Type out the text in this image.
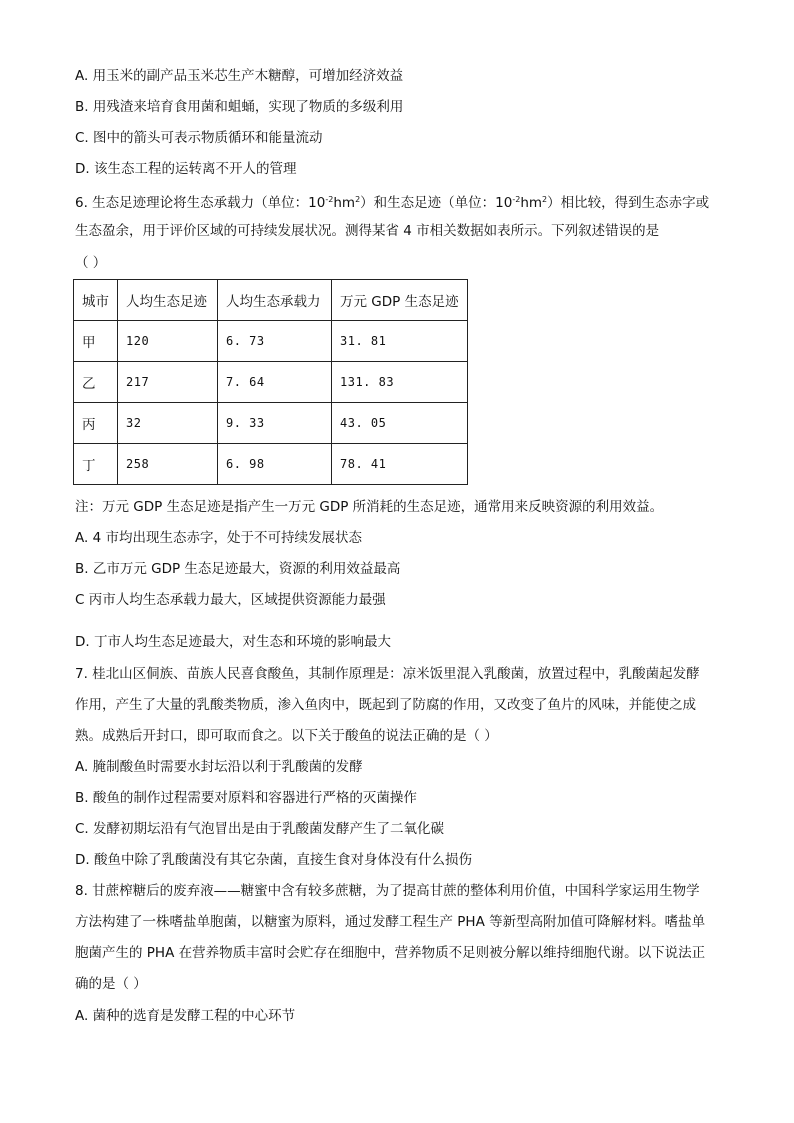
A. 用玉米的副产品玉米芯生产木糖醇，可增加经济效益
B. 用残渣来培育食用菌和蛆蛹，实现了物质的多级利用
C. 图中的箭头可表示物质循环和能量流动
D. 该生态工程的运转离不开人的管理
6. 生态足迹理论将生态承载力（单位：$10^{-2}hm^2$）和生态足迹（单位：$10^{-2}hm^2$）相比较，得到生态赤字或
生态盈余，用于评价区域的可持续发展状况。测得某省 4 市相关数据如表所示。下列叙述错误的是
（ ）
城市	人均生态足迹	人均生态承载力	万元 GDP 生态足迹
甲	120	6. 73	31. 81
乙	217	7. 64	131. 83
丙	32	9. 33	43. 05
丁	258	6. 98	78. 41
注：万元 GDP 生态足迹是指产生一万元 GDP 所消耗的生态足迹，通常用来反映资源的利用效益。
A. 4 市均出现生态赤字，处于不可持续发展状态
B. 乙市万元 GDP 生态足迹最大，资源的利用效益最高
C 丙市人均生态承载力最大，区域提供资源能力最强
D. 丁市人均生态足迹最大，对生态和环境的影响最大
7. 桂北山区侗族、苗族人民喜食酸鱼，其制作原理是：凉米饭里混入乳酸菌，放置过程中，乳酸菌起发酵
作用，产生了大量的乳酸类物质，渗入鱼肉中，既起到了防腐的作用，又改变了鱼片的风味，并能使之成
熟。成熟后开封口，即可取而食之。以下关于酸鱼的说法正确的是（ ）
A. 腌制酸鱼时需要水封坛沿以利于乳酸菌的发酵
B. 酸鱼的制作过程需要对原料和容器进行严格的灭菌操作
C. 发酵初期坛沿有气泡冒出是由于乳酸菌发酵产生了二氧化碳
D. 酸鱼中除了乳酸菌没有其它杂菌，直接生食对身体没有什么损伤
8. 甘蔗榨糖后的废弃液——糖蜜中含有较多蔗糖，为了提高甘蔗的整体利用价值，中国科学家运用生物学
方法构建了一株嗜盐单胞菌，以糖蜜为原料，通过发酵工程生产 PHA 等新型高附加值可降解材料。嗜盐单
胞菌产生的 PHA 在营养物质丰富时会贮存在细胞中，营养物质不足则被分解以维持细胞代谢。以下说法正
确的是（ ）
A. 菌种的选育是发酵工程的中心环节
